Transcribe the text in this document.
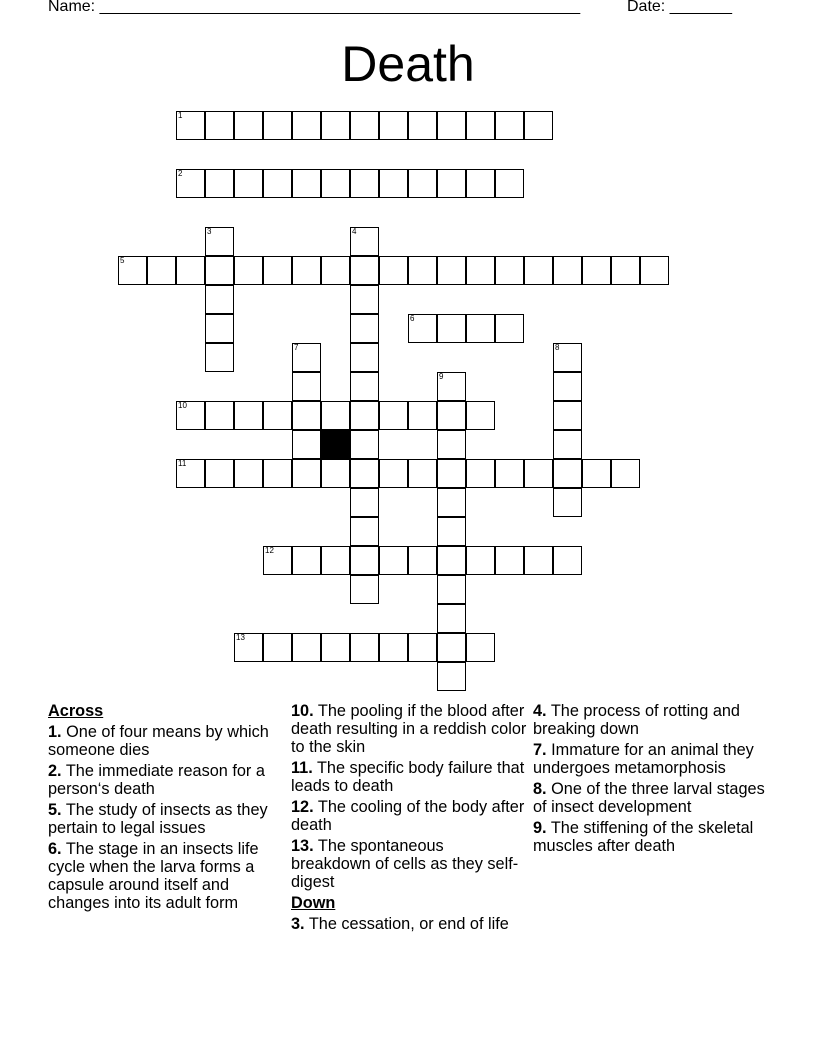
Name: ______________________________________________________	Date: _______
Death
1
2
3	4
5
6
7	8
9
10
11
12
13
Across
1. One of four means by which someone dies
2. The immediate reason for a person‘s death
5. The study of insects as they pertain to legal issues
6. The stage in an insects life cycle when the larva forms a capsule around itself and changes into its adult form
10. The pooling if the blood after death resulting in a reddish color to the skin
11. The specific body failure that leads to death
12. The cooling of the body after death
13. The spontaneous breakdown of cells as they self-digest
Down
3. The cessation, or end of life
4. The process of rotting and breaking down
7. Immature for an animal they undergoes metamorphosis
8. One of the three larval stages of insect development
9. The stiffening of the skeletal muscles after death
